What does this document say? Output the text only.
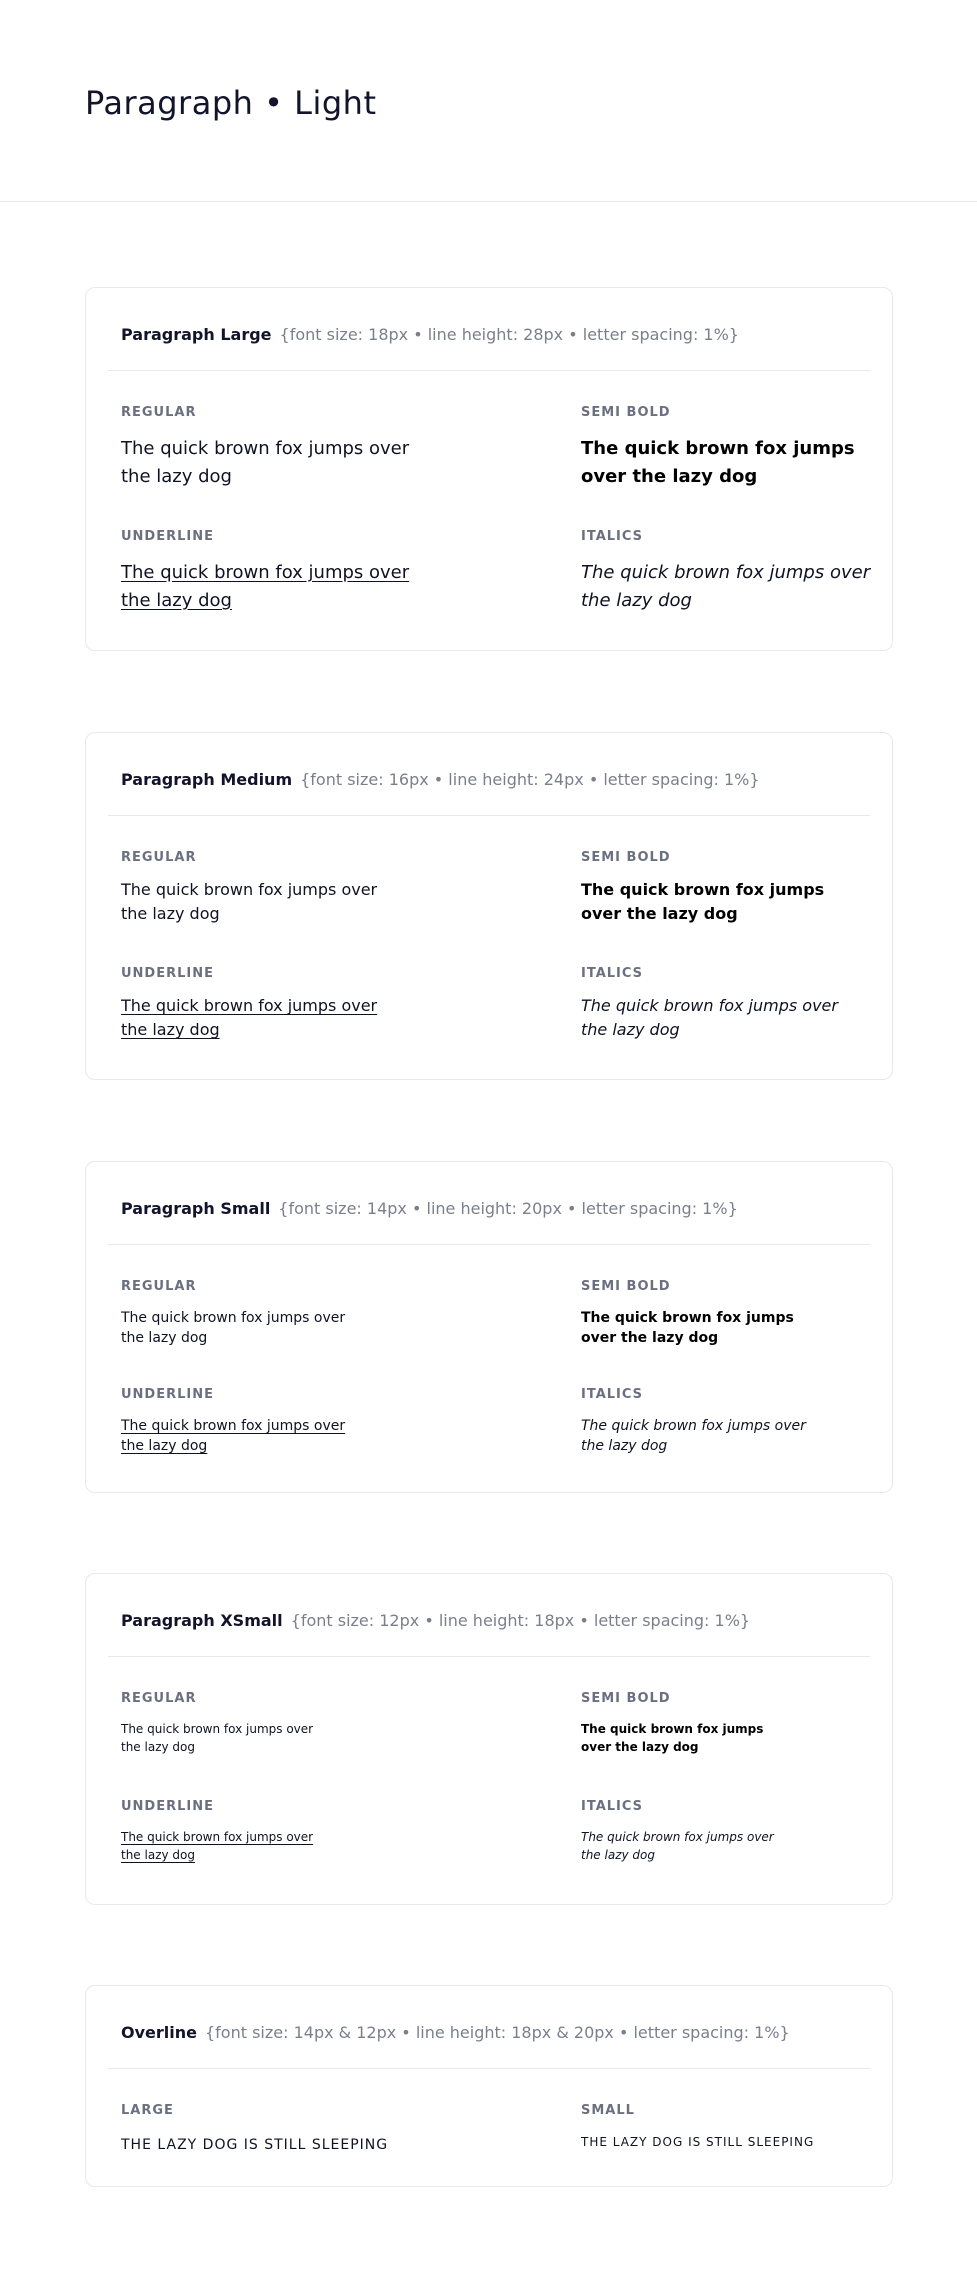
Paragraph • Light
Paragraph Large {font size: 18px • line height: 28px • letter spacing: 1%}
REGULAR
The quick brown fox jumps over the lazy dog
SEMI BOLD
The quick brown fox jumps over the lazy dog
UNDERLINE
The quick brown fox jumps over the lazy dog
ITALICS
The quick brown fox jumps over the lazy dog
Paragraph Medium {font size: 16px • line height: 24px • letter spacing: 1%}
REGULAR
The quick brown fox jumps over the lazy dog
SEMI BOLD
The quick brown fox jumps over the lazy dog
UNDERLINE
The quick brown fox jumps over the lazy dog
ITALICS
The quick brown fox jumps over the lazy dog
Paragraph Small {font size: 14px • line height: 20px • letter spacing: 1%}
REGULAR
The quick brown fox jumps over the lazy dog
SEMI BOLD
The quick brown fox jumps over the lazy dog
UNDERLINE
The quick brown fox jumps over the lazy dog
ITALICS
The quick brown fox jumps over the lazy dog
Paragraph XSmall {font size: 12px • line height: 18px • letter spacing: 1%}
REGULAR
The quick brown fox jumps over the lazy dog
SEMI BOLD
The quick brown fox jumps over the lazy dog
UNDERLINE
The quick brown fox jumps over the lazy dog
ITALICS
The quick brown fox jumps over the lazy dog
Overline {font size: 14px & 12px • line height: 18px & 20px • letter spacing: 1%}
LARGE
THE LAZY DOG IS STILL SLEEPING
SMALL
THE LAZY DOG IS STILL SLEEPING
